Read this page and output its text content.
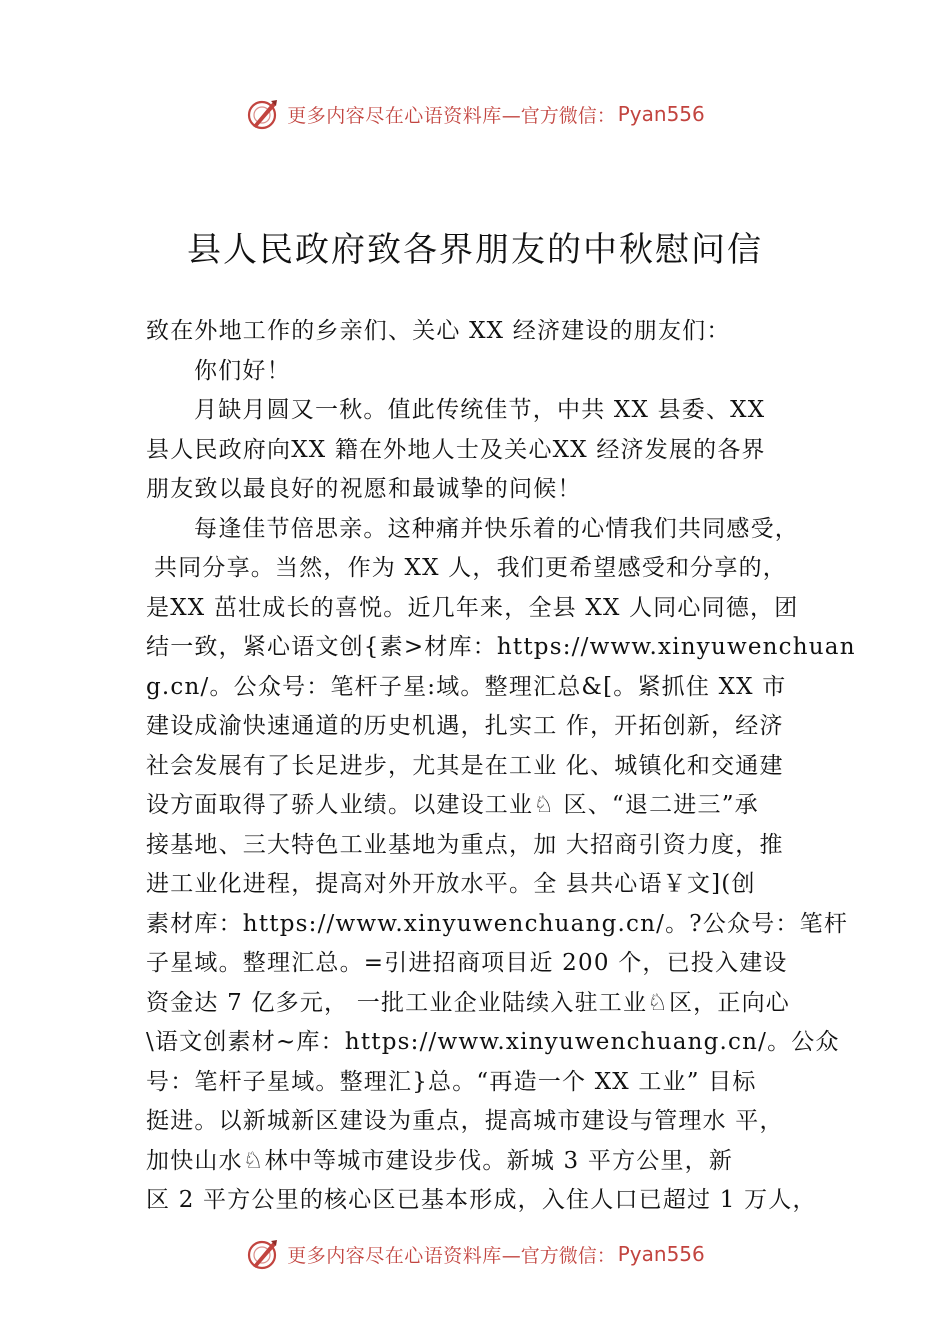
更多内容尽在心语资料库 —官方微信： Pyan556
县人民政府致各界朋友的中秋慰问信
致在外地工作的乡亲们、关心 XX 经济建设的朋友们：
你们好！
月缺月圆又一秋。值此传统佳节，中共 XX 县委、XX
县人民政府向XX 籍在外地人士及关心XX 经济发展的各界
朋友致以最良好的祝愿和最诚挚的问候！
每逢佳节倍思亲。这种痛并快乐着的心情我们共同感受，
共同分享。当然，作为 XX 人，我们更希望感受和分享的，
是XX 茁壮成长的喜悦。近几年来，全县 XX 人同心同德，团
结一致，紧心语文创{素>材库：https://www.xinyuwenchuan
g.cn/。公众号：笔杆子星:域。整理汇总&[。紧抓住 XX 市
建设成渝快速通道的历史机遇，扎实工 作，开拓创新，经济
社会发展有了长足进步，尤其是在工业 化、城镇化和交通建
设方面取得了骄人业绩。以建设工业♘ 区、“退二进三”承
接基地、三大特色工业基地为重点，加 大招商引资力度，推
进工业化进程，提高对外开放水平。全 县共心语￥文](创
素材库：https://www.xinyuwenchuang.cn/。?公众号：笔杆
子星域。整理汇总。=引进招商项目近 200 个，已投入建设
资金达 7 亿多元， 一批工业企业陆续入驻工业♘区，正向心
\语文创素材~库：https://www.xinyuwenchuang.cn/。公众
号：笔杆子星域。整理汇}总。“再造一个 XX 工业” 目标
挺进。以新城新区建设为重点，提高城市建设与管理水 平，
加快山水♘林中等城市建设步伐。新城 3 平方公里，新
区 2 平方公里的核心区已基本形成，入住人口已超过 1 万人，
更多内容尽在心语资料库 —官方微信： Pyan556
